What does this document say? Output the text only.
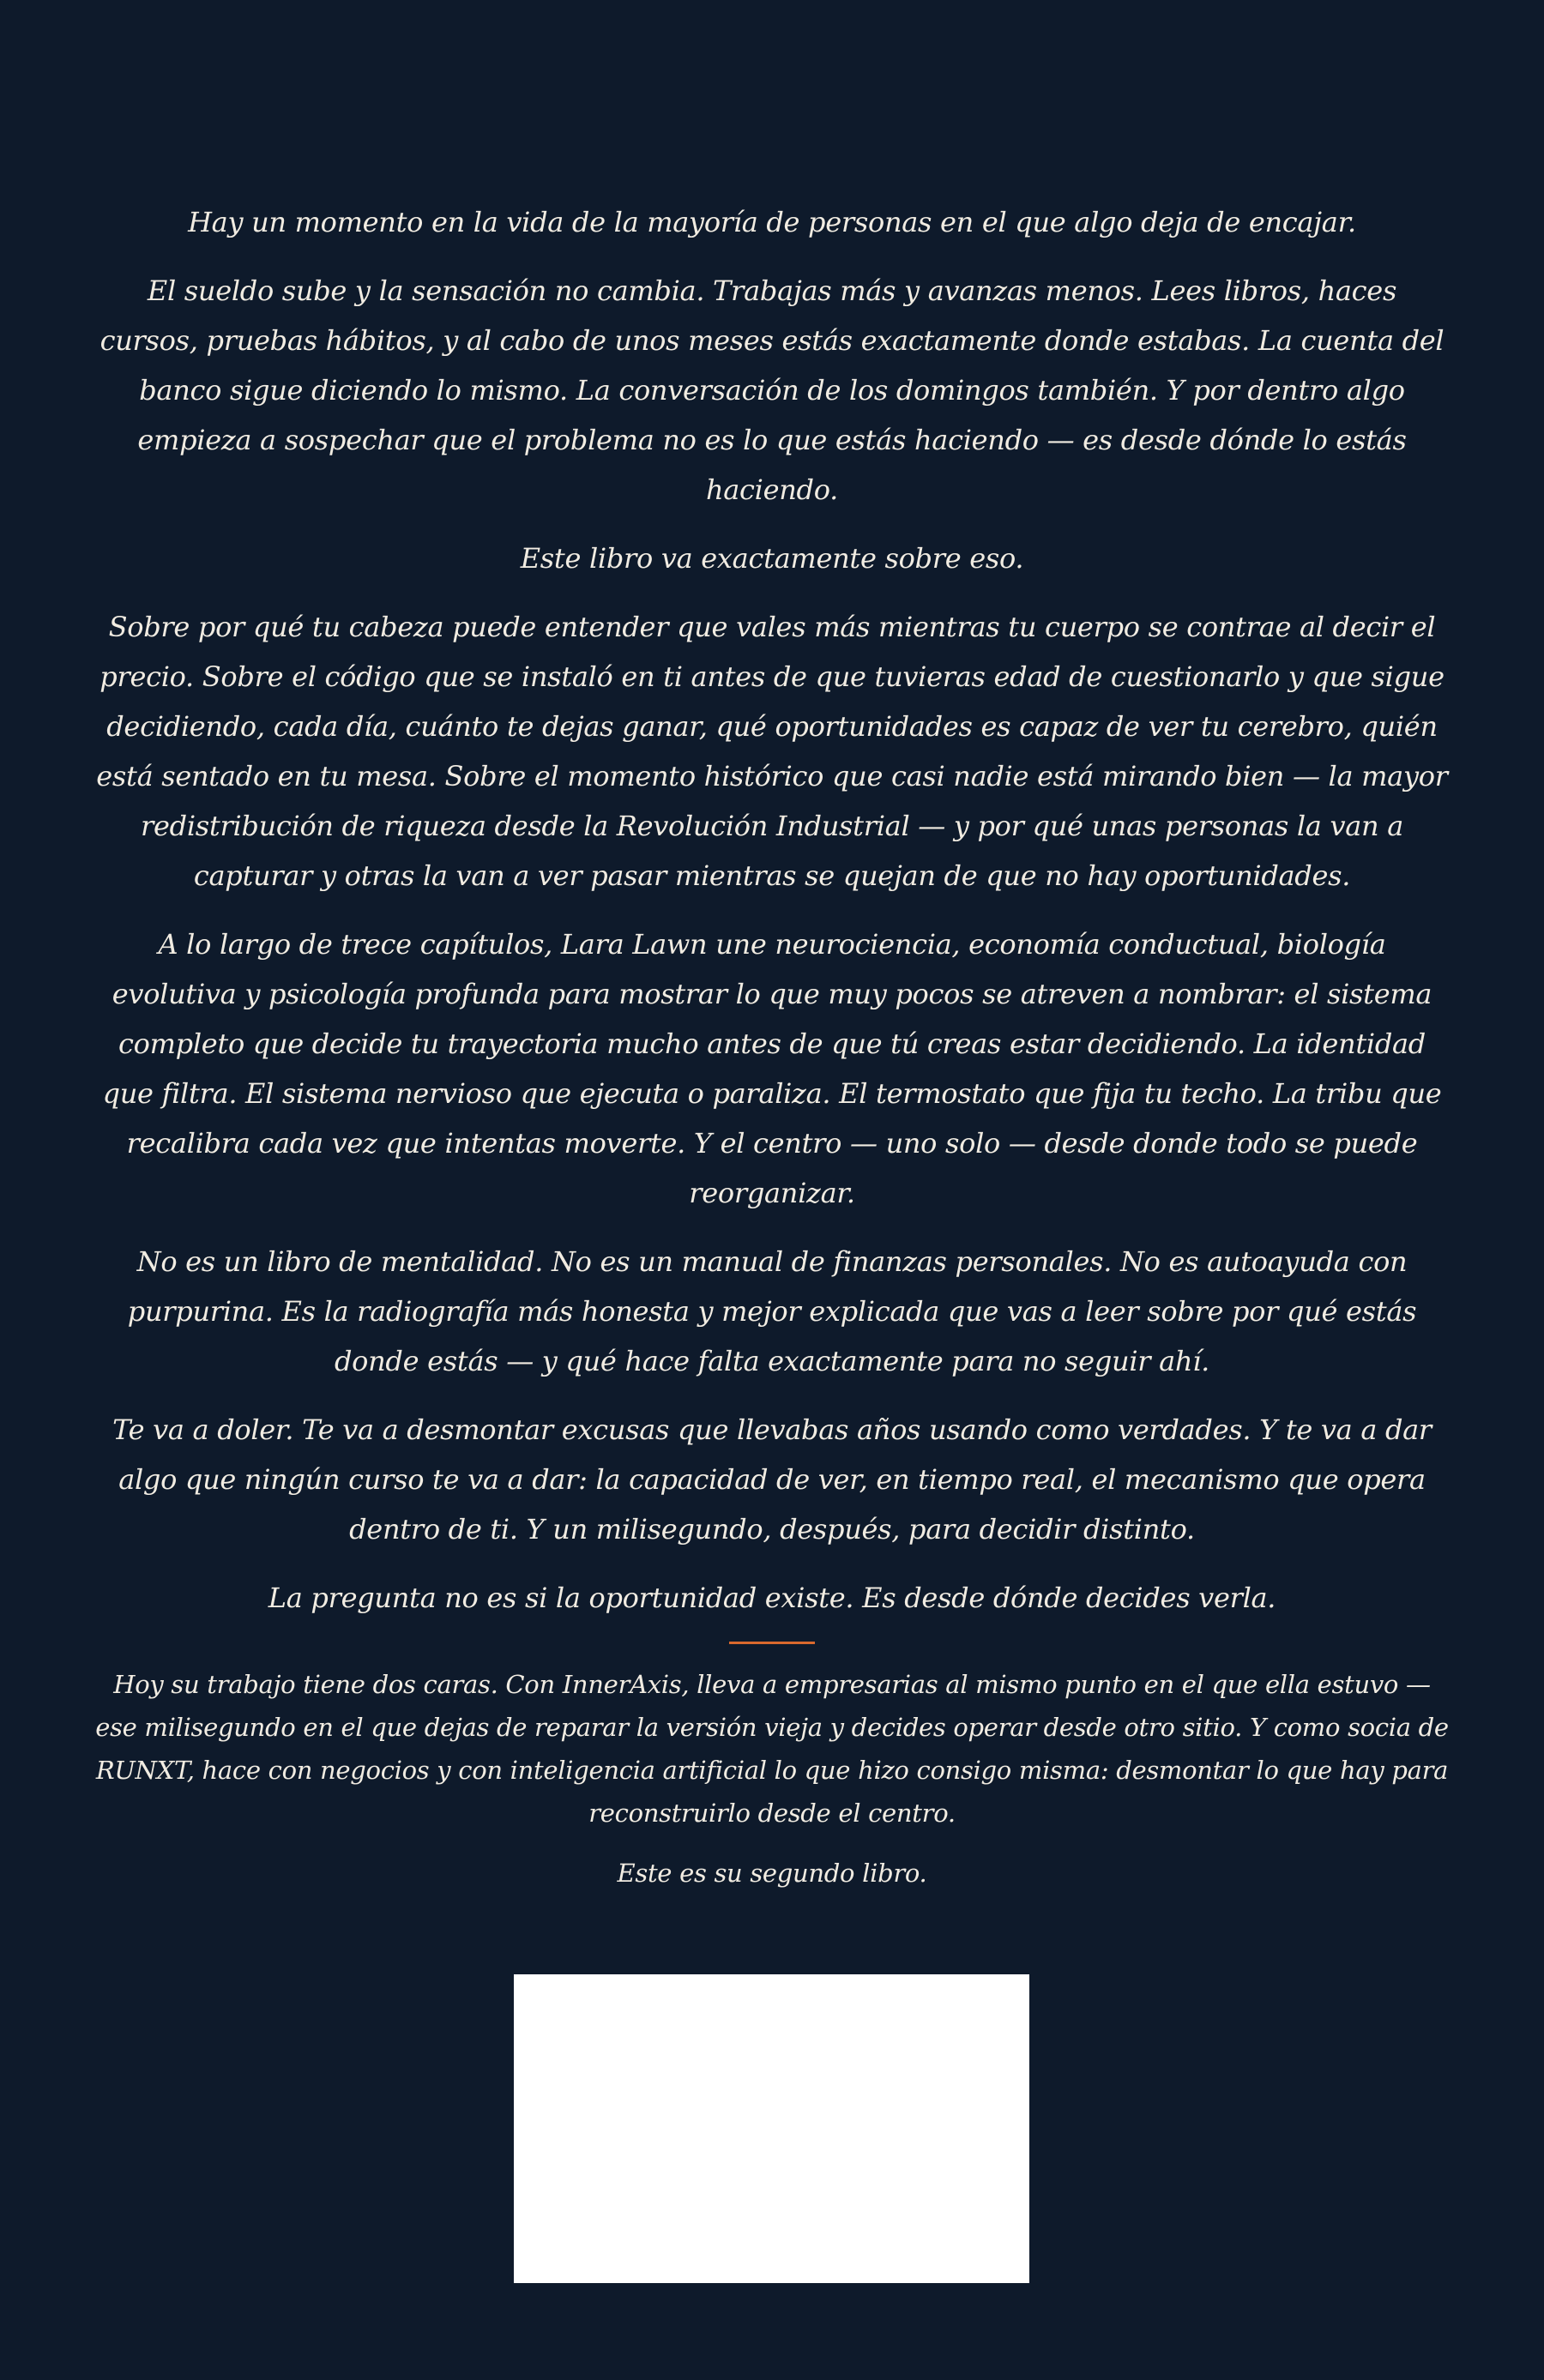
Hay un momento en la vida de la mayoría de personas en el que algo deja de encajar.

El sueldo sube y la sensación no cambia. Trabajas más y avanzas menos. Lees libros, haces cursos, pruebas hábitos, y al cabo de unos meses estás exactamente donde estabas. La cuenta del banco sigue diciendo lo mismo. La conversación de los domingos también. Y por dentro algo empieza a sospechar que el problema no es lo que estás haciendo — es desde dónde lo estás haciendo.

Este libro va exactamente sobre eso.

Sobre por qué tu cabeza puede entender que vales más mientras tu cuerpo se contrae al decir el precio. Sobre el código que se instaló en ti antes de que tuvieras edad de cuestionarlo y que sigue decidiendo, cada día, cuánto te dejas ganar, qué oportunidades es capaz de ver tu cerebro, quién está sentado en tu mesa. Sobre el momento histórico que casi nadie está mirando bien — la mayor redistribución de riqueza desde la Revolución Industrial — y por qué unas personas la van a capturar y otras la van a ver pasar mientras se quejan de que no hay oportunidades.

A lo largo de trece capítulos, Lara Lawn une neurociencia, economía conductual, biología evolutiva y psicología profunda para mostrar lo que muy pocos se atreven a nombrar: el sistema completo que decide tu trayectoria mucho antes de que tú creas estar decidiendo. La identidad que filtra. El sistema nervioso que ejecuta o paraliza. El termostato que fija tu techo. La tribu que recalibra cada vez que intentas moverte. Y el centro — uno solo — desde donde todo se puede reorganizar.

No es un libro de mentalidad. No es un manual de finanzas personales. No es autoayuda con purpurina. Es la radiografía más honesta y mejor explicada que vas a leer sobre por qué estás donde estás — y qué hace falta exactamente para no seguir ahí.

Te va a doler. Te va a desmontar excusas que llevabas años usando como verdades. Y te va a dar algo que ningún curso te va a dar: la capacidad de ver, en tiempo real, el mecanismo que opera dentro de ti. Y un milisegundo, después, para decidir distinto.

La pregunta no es si la oportunidad existe. Es desde dónde decides verla.

Hoy su trabajo tiene dos caras. Con InnerAxis, lleva a empresarias al mismo punto en el que ella estuvo — ese milisegundo en el que dejas de reparar la versión vieja y decides operar desde otro sitio. Y como socia de RUNXT, hace con negocios y con inteligencia artificial lo que hizo consigo misma: desmontar lo que hay para reconstruirlo desde el centro.

Este es su segundo libro.
